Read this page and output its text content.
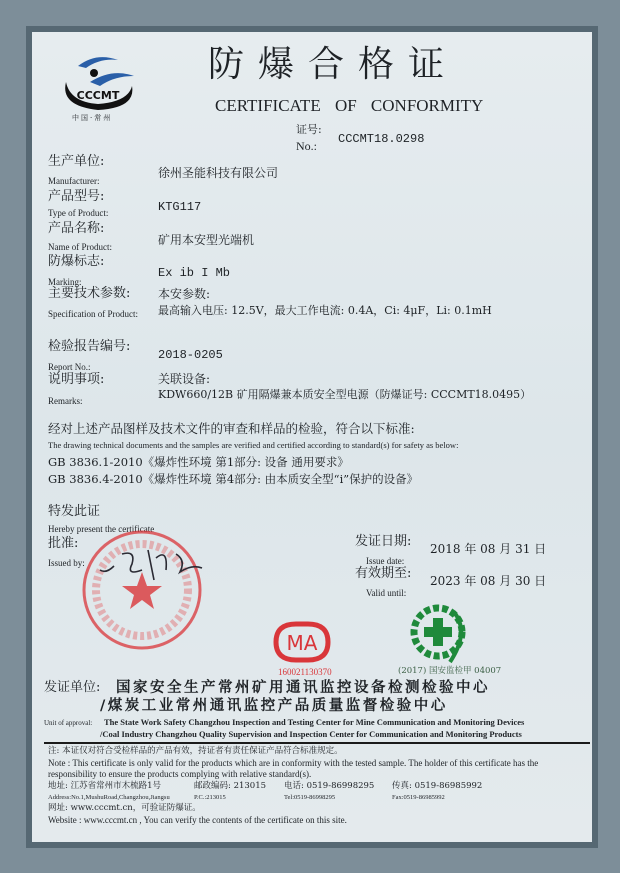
CCCMT
中国·常州
防爆合格证
CERTIFICATE OF CONFORMITY
证号:
No.: CCCMT18.0298
生产单位:
Manufacturer:
徐州圣能科技有限公司
产品型号:
Type of Product:	KTG117
产品名称:
Name of Product:	矿用本安型光端机
防爆标志:
Marking:
Ex ib I Mb
主要技术参数:
Specification of Product:
本安参数:
最高输入电压: 12.5V，最大工作电流: 0.4A，Ci: 4μF，Li: 0.1mH
检验报告编号:
Report No.:
2018-0205
说明事项:
Remarks:
关联设备:
KDW660/12B 矿用隔爆兼本质安全型电源（防爆证号: CCCMT18.0495）
经对上述产品图样及技术文件的审查和样品的检验，符合以下标准:
The drawing technical documents and the samples are verified and certified according to standard(s) for safety as below:
GB 3836.1-2010《爆炸性环境 第1部分: 设备 通用要求》
GB 3836.4-2010《爆炸性环境 第4部分: 由本质安全型“i”保护的设备》
特发此证
Hereby present the certificate
批准:
Issued by:
发证日期:
Issue date:
2018 年 08 月 31 日
有效期至:
Valid until:
2023 年 08 月 30 日
MA
160021130370	(2017) 国安监检甲 04007
发证单位: 国家安全生产常州矿用通讯监控设备检测检验中心
/煤炭工业常州通讯监控产品质量监督检验中心
Unit of approval: The State Work Safety Changzhou Inspection and Testing Center for Mine Communication and Monitoring Devices
/Coal Industry Changzhou Quality Supervision and Inspection Center for Communication and Monitoring Products
注: 本证仅对符合受检样品的产品有效，持证者有责任保证产品符合标准规定。
Note : This certificate is only valid for the products which are in conformity with the tested sample. The holder of this certificate has the
responsibility to ensure the products complying with relative standard(s).
地址: 江苏省常州市木梳路1号	邮政编码: 213015 电话: 0519-86998295 传真: 0519-86985992
Address:No.1,MushuRoad,Changzhou,Jiangsu	P.C.:213015	Tel:0519-86998295	Fax:0519-86985992
网址: www.cccmt.cn，可验证防爆证。
Website : www.cccmt.cn , You can verify the contents of the certificate on this site.
